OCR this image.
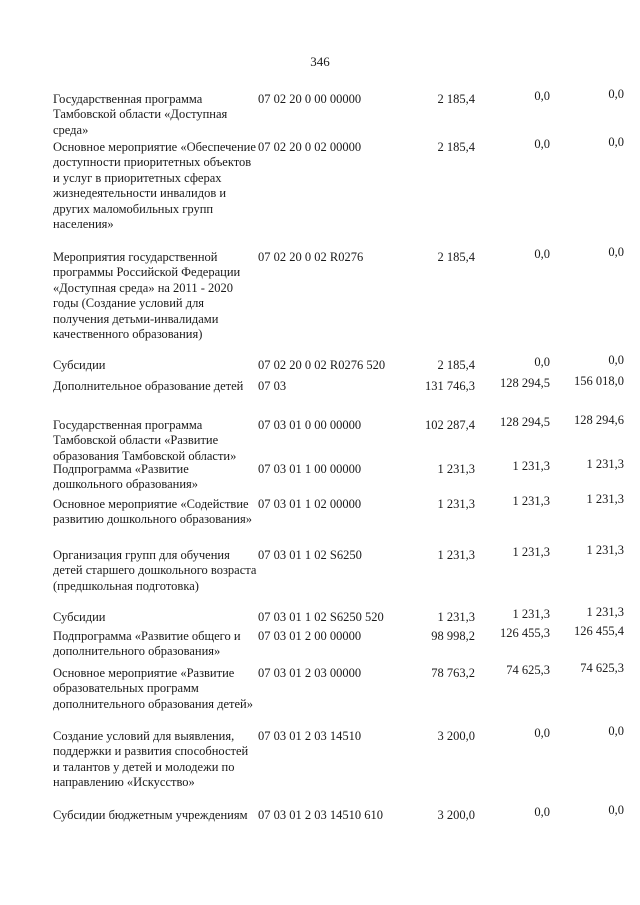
346
Государственная программа Тамбовской области «Доступная среда»
07 02 20 0 00 00000	2 185,4	0,0	0,0
Основное мероприятие «Обеспечение доступности приоритетных объектов и услуг в приоритетных сферах жизнедеятельности инвалидов и других маломобильных групп населения»
07 02 20 0 02 00000	2 185,4	0,0	0,0
Мероприятия государственной программы Российской Федерации «Доступная среда» на 2011 - 2020 годы (Создание условий для получения детьми-инвалидами качественного образования)
07 02 20 0 02 R0276	2 185,4	0,0	0,0
Субсидии	07 02 20 0 02 R0276 520	2 185,4	0,0	0,0
Дополнительное образование детей	07 03	131 746,3 128 294,5 156 018,0
Государственная программа Тамбовской области «Развитие образования Тамбовской области»
07 03 01 0 00 00000	102 287,4 128 294,5 128 294,6
Подпрограмма «Развитие дошкольного образования»
07 03 01 1 00 00000	1 231,3	1 231,3	1 231,3
Основное мероприятие «Содействие развитию дошкольного образования»
07 03 01 1 02 00000	1 231,3	1 231,3	1 231,3
Организация групп для обучения детей старшего дошкольного возраста (предшкольная подготовка)
07 03 01 1 02 S6250	1 231,3	1 231,3	1 231,3
Субсидии	07 03 01 1 02 S6250 520	1 231,3	1 231,3	1 231,3
Подпрограмма «Развитие общего и дополнительного образования»
07 03 01 2 00 00000	98 998,2 126 455,3 126 455,4
Основное мероприятие «Развитие образовательных программ дополнительного образования детей»
07 03 01 2 03 00000	78 763,2	74 625,3 74 625,3
Создание условий для выявления, поддержки и развития способностей и талантов у детей и молодежи по направлению «Искусство»
07 03 01 2 03 14510	3 200,0	0,0	0,0
Субсидии бюджетным учреждениям 07 03 01 2 03 14510 610	3 200,0	0,0	0,0
